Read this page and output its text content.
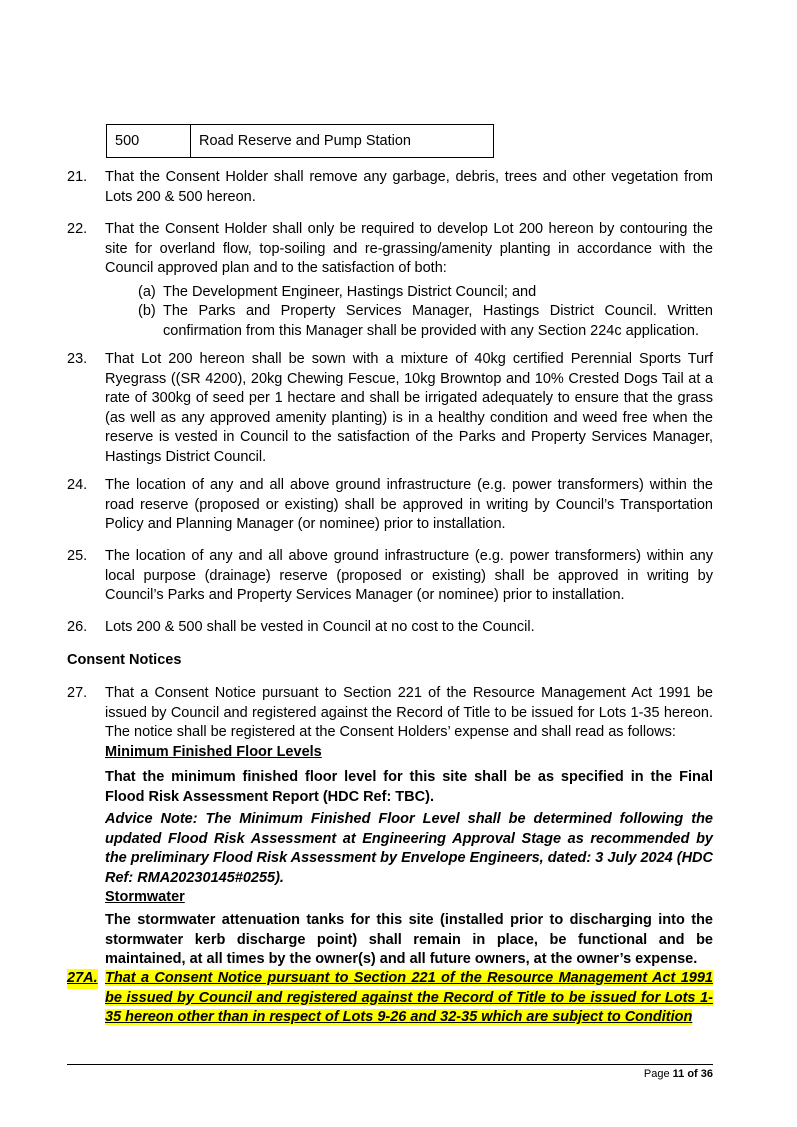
500	Road Reserve and Pump Station
21. That the Consent Holder shall remove any garbage, debris, trees and other vegetation from Lots 200 & 500 hereon.
22. That the Consent Holder shall only be required to develop Lot 200 hereon by contouring the site for overland flow, top-soiling and re-grassing/amenity planting in accordance with the Council approved plan and to the satisfaction of both:
(a) The Development Engineer, Hastings District Council; and
(b) The Parks and Property Services Manager, Hastings District Council. Written confirmation from this Manager shall be provided with any Section 224c application.
23. That Lot 200 hereon shall be sown with a mixture of 40kg certified Perennial Sports Turf Ryegrass ((SR 4200), 20kg Chewing Fescue, 10kg Browntop and 10% Crested Dogs Tail at a rate of 300kg of seed per 1 hectare and shall be irrigated adequately to ensure that the grass (as well as any approved amenity planting) is in a healthy condition and weed free when the reserve is vested in Council to the satisfaction of the Parks and Property Services Manager, Hastings District Council.
24. The location of any and all above ground infrastructure (e.g. power transformers) within the road reserve (proposed or existing) shall be approved in writing by Council’s Transportation Policy and Planning Manager (or nominee) prior to installation.
25. The location of any and all above ground infrastructure (e.g. power transformers) within any local purpose (drainage) reserve (proposed or existing) shall be approved in writing by Council’s Parks and Property Services Manager (or nominee) prior to installation.
26. Lots 200 & 500 shall be vested in Council at no cost to the Council.
Consent Notices
27. That a Consent Notice pursuant to Section 221 of the Resource Management Act 1991 be issued by Council and registered against the Record of Title to be issued for Lots 1-35 hereon. The notice shall be registered at the Consent Holders’ expense and shall read as follows:
Minimum Finished Floor Levels
That the minimum finished floor level for this site shall be as specified in the Final Flood Risk Assessment Report (HDC Ref: TBC).
Advice Note: The Minimum Finished Floor Level shall be determined following the updated Flood Risk Assessment at Engineering Approval Stage as recommended by the preliminary Flood Risk Assessment by Envelope Engineers, dated: 3 July 2024 (HDC Ref: RMA20230145#0255).
Stormwater
The stormwater attenuation tanks for this site (installed prior to discharging into the stormwater kerb discharge point) shall remain in place, be functional and be maintained, at all times by the owner(s) and all future owners, at the owner’s expense.
27A. That a Consent Notice pursuant to Section 221 of the Resource Management Act 1991 be issued by Council and registered against the Record of Title to be issued for Lots 1-35 hereon other than in respect of Lots 9-26 and 32-35 which are subject to Condition
Page 11 of 36
